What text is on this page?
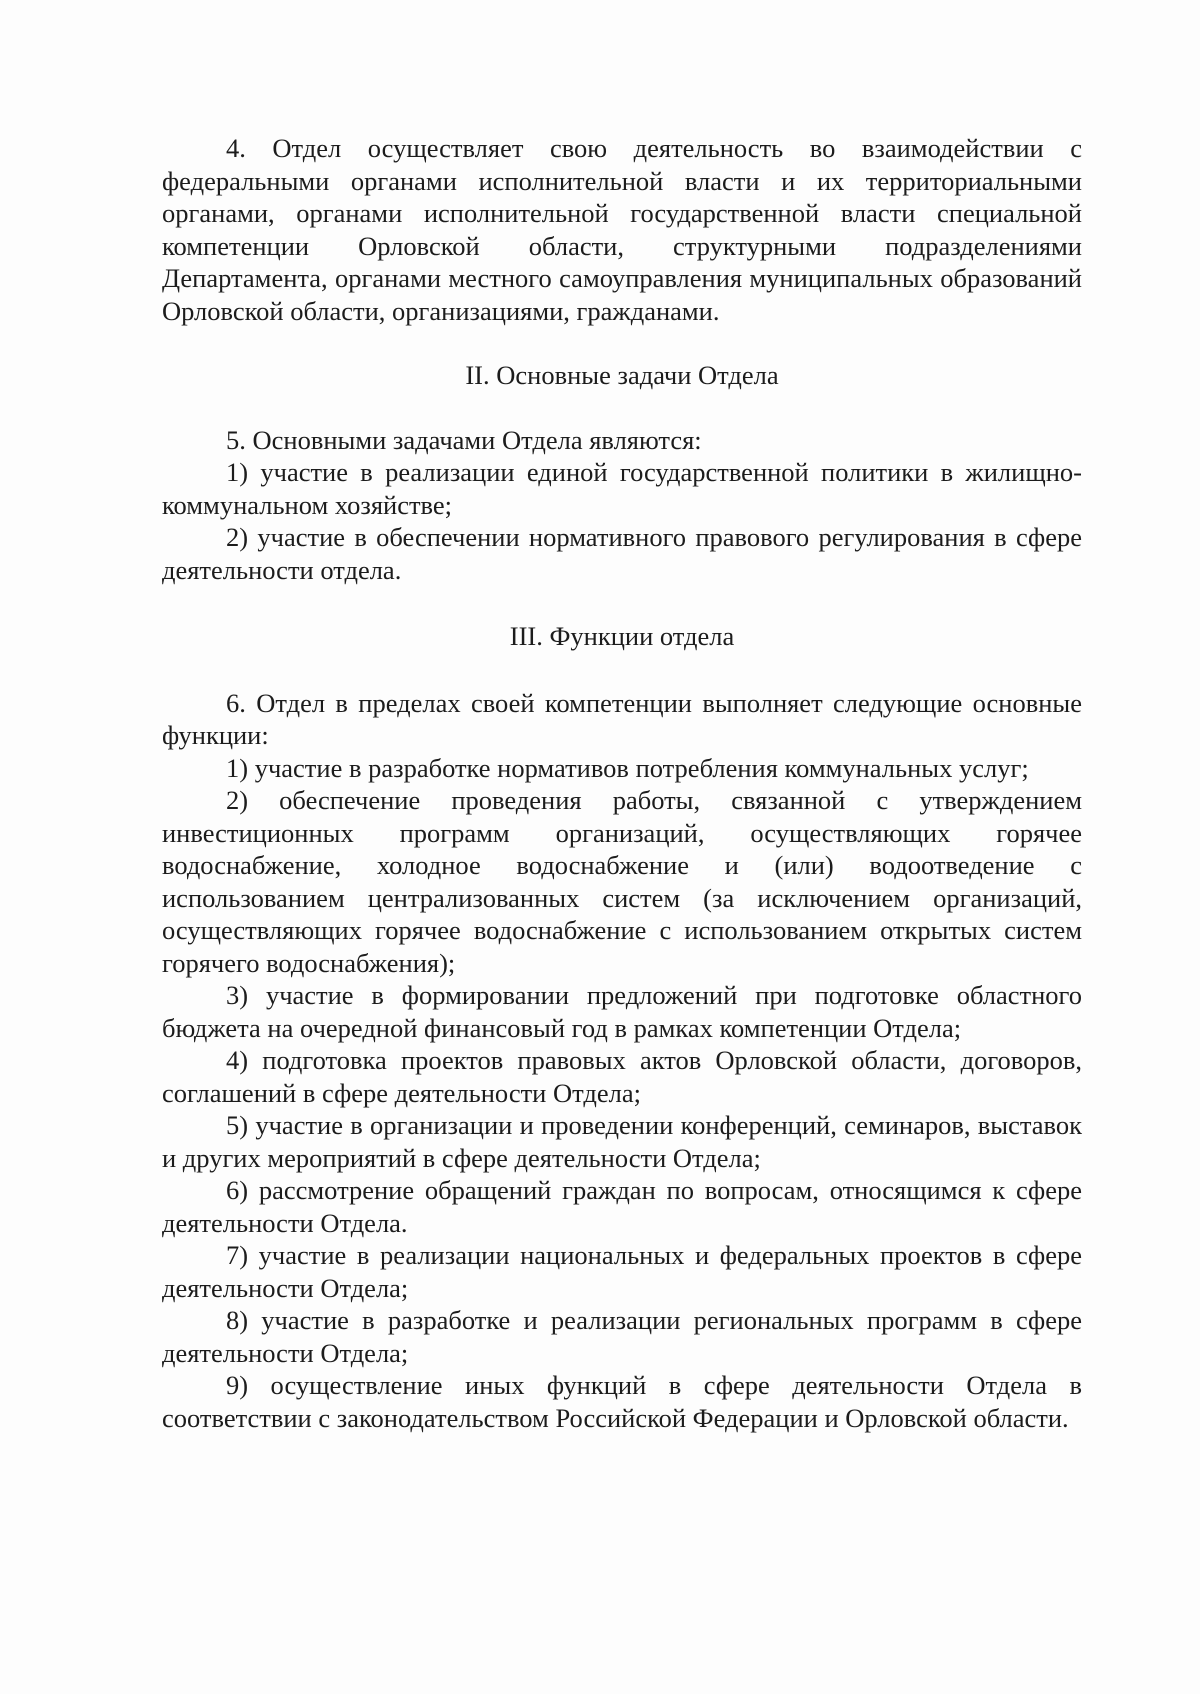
4. Отдел осуществляет свою деятельность во взаимодействии с федеральными органами исполнительной власти и их территориальными органами, органами исполнительной государственной власти специальной компетенции Орловской области, структурными подразделениями Департамента, органами местного самоуправления муниципальных образований Орловской области, организациями, гражданами.

II. Основные задачи Отдела

5. Основными задачами Отдела являются:

1) участие в реализации единой государственной политики в жилищно-коммунальном хозяйстве;

2) участие в обеспечении нормативного правового регулирования в сфере деятельности отдела.

III. Функции отдела

6. Отдел в пределах своей компетенции выполняет следующие основные функции:

1) участие в разработке нормативов потребления коммунальных услуг;

2) обеспечение проведения работы, связанной с утверждением инвестиционных программ организаций, осуществляющих горячее водоснабжение, холодное водоснабжение и (или) водоотведение с использованием централизованных систем (за исключением организаций, осуществляющих горячее водоснабжение с использованием открытых систем горячего водоснабжения);

3) участие в формировании предложений при подготовке областного бюджета на очередной финансовый год в рамках компетенции Отдела;

4) подготовка проектов правовых актов Орловской области, договоров, соглашений в сфере деятельности Отдела;

5) участие в организации и проведении конференций, семинаров, выставок и других мероприятий в сфере деятельности Отдела;

6) рассмотрение обращений граждан по вопросам, относящимся к сфере деятельности Отдела.

7) участие в реализации национальных и федеральных проектов в сфере деятельности Отдела;

8) участие в разработке и реализации региональных программ в сфере деятельности Отдела;

9) осуществление иных функций в сфере деятельности Отдела в соответствии с законодательством Российской Федерации и Орловской области.
